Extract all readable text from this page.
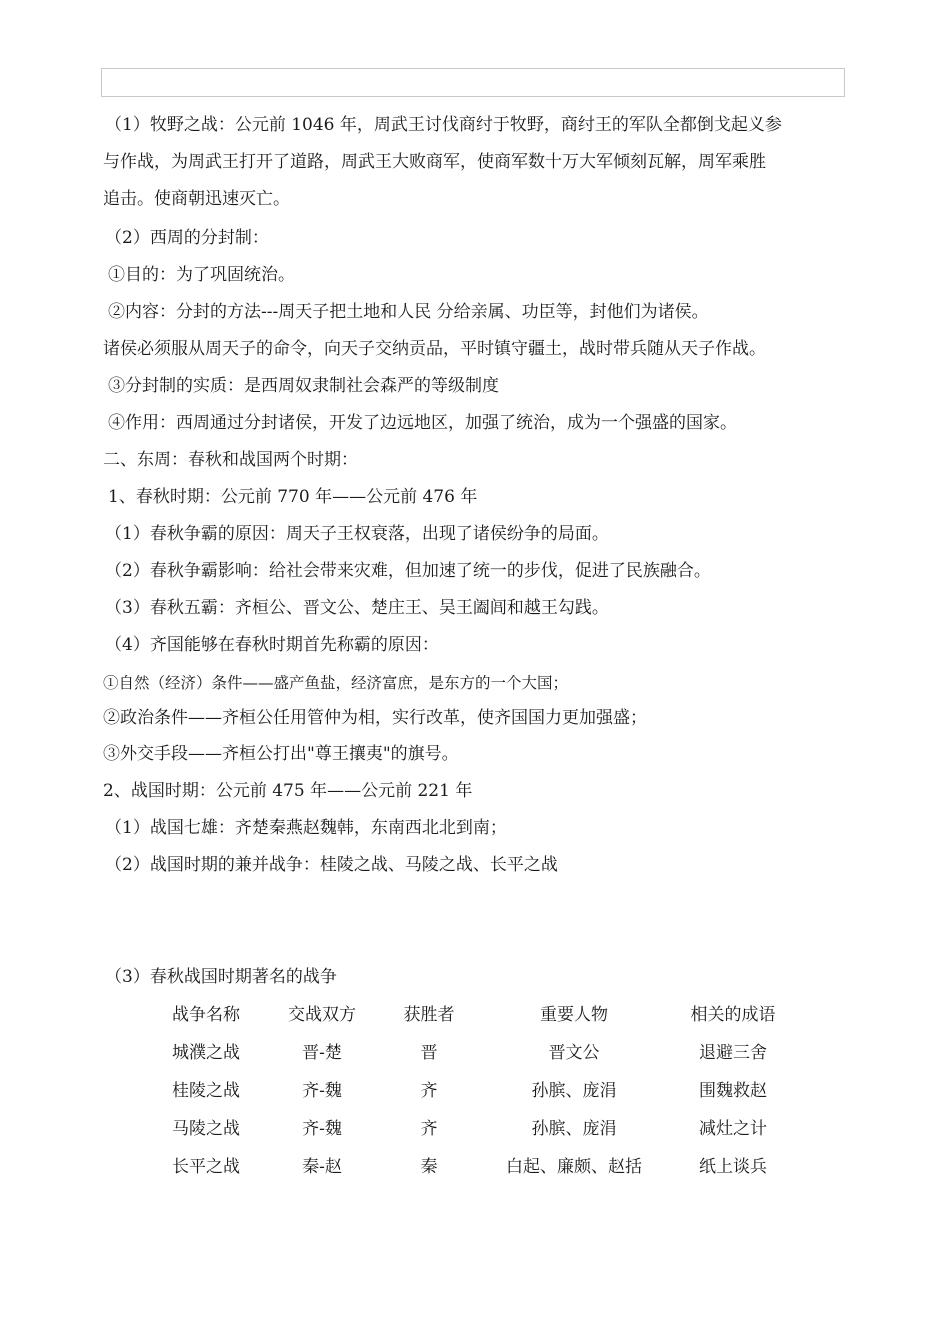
（1）牧野之战：公元前 1046 年，周武王讨伐商纣于牧野，商纣王的军队全都倒戈起义参
与作战，为周武王打开了道路，周武王大败商军，使商军数十万大军倾刻瓦解，周军乘胜
追击。使商朝迅速灭亡。
（2）西周的分封制：
①目的：为了巩固统治。
②内容：分封的方法---周天子把土地和人民 分给亲属、功臣等，封他们为诸侯。
诸侯必须服从周天子的命令，向天子交纳贡品，平时镇守疆土，战时带兵随从天子作战。
③分封制的实质：是西周奴隶制社会森严的等级制度
④作用：西周通过分封诸侯，开发了边远地区，加强了统治，成为一个强盛的国家。
二、东周：春秋和战国两个时期：
1、春秋时期：公元前 770 年——公元前 476 年
（1）春秋争霸的原因：周天子王权衰落，出现了诸侯纷争的局面。
（2）春秋争霸影响：给社会带来灾难，但加速了统一的步伐，促进了民族融合。
（3）春秋五霸：齐桓公、晋文公、楚庄王、吴王阖闾和越王勾践。
（4）齐国能够在春秋时期首先称霸的原因：
①自然（经济）条件——盛产鱼盐，经济富庶，是东方的一个大国；
②政治条件——齐桓公任用管仲为相，实行改革，使齐国国力更加强盛；
③外交手段——齐桓公打出"尊王攘夷"的旗号。
2、战国时期：公元前 475 年——公元前 221 年
（1）战国七雄：齐楚秦燕赵魏韩，东南西北北到南；
（2）战国时期的兼并战争：桂陵之战、马陵之战、长平之战
（3）春秋战国时期著名的战争
战争名称	交战双方	获胜者	重要人物	相关的成语
城濮之战	晋-楚	晋	晋文公	退避三舍
桂陵之战	齐-魏	齐	孙膑、庞涓	围魏救赵
马陵之战	齐-魏	齐	孙膑、庞涓	减灶之计
长平之战	秦-赵	秦	白起、廉颇、赵括	纸上谈兵
